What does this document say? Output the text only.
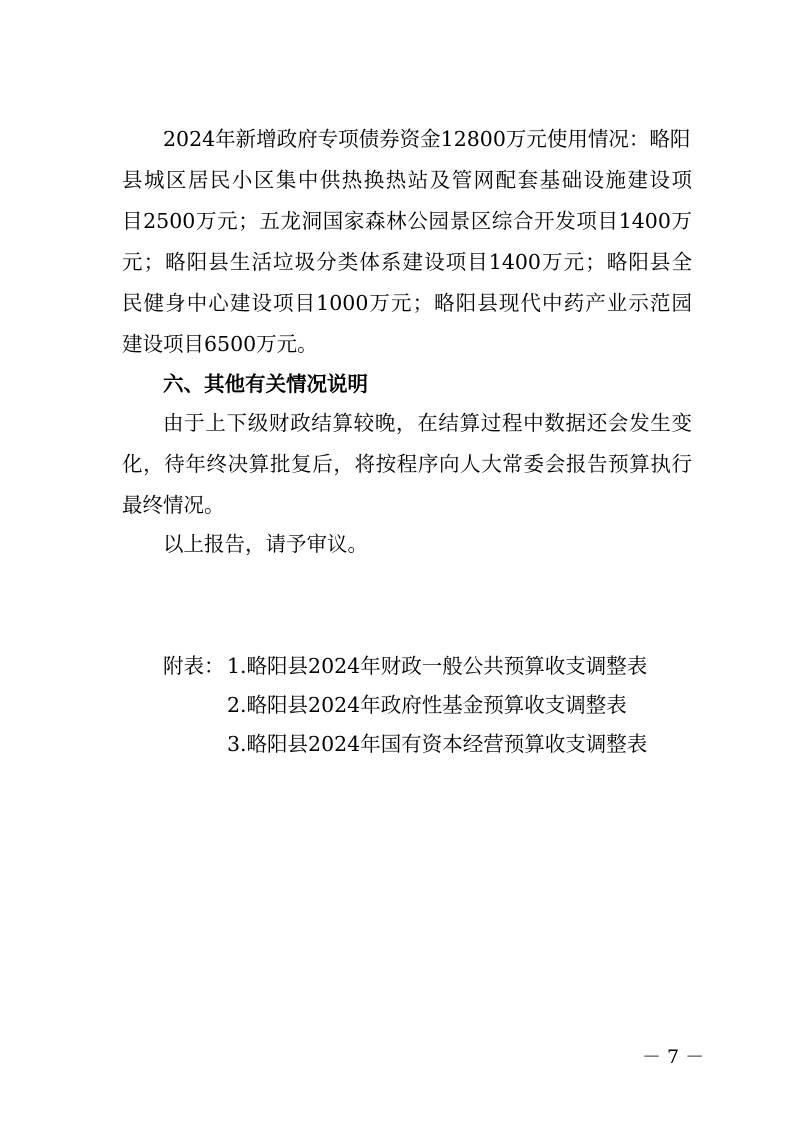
2024年新增政府专项债券资金12800万元使用情况：略阳
县城区居民小区集中供热换热站及管网配套基础设施建设项
目2500万元；五龙洞国家森林公园景区综合开发项目1400万
元；略阳县生活垃圾分类体系建设项目1400万元；略阳县全
民健身中心建设项目1000万元；略阳县现代中药产业示范园
建设项目6500万元。
六、其他有关情况说明
由于上下级财政结算较晚，在结算过程中数据还会发生变
化，待年终决算批复后，将按程序向人大常委会报告预算执行
最终情况。
以上报告，请予审议。
附表： 1.略阳县2024年财政一般公共预算收支调整表
2.略阳县2024年政府性基金预算收支调整表
3.略阳县2024年国有资本经营预算收支调整表
－ 7 －
